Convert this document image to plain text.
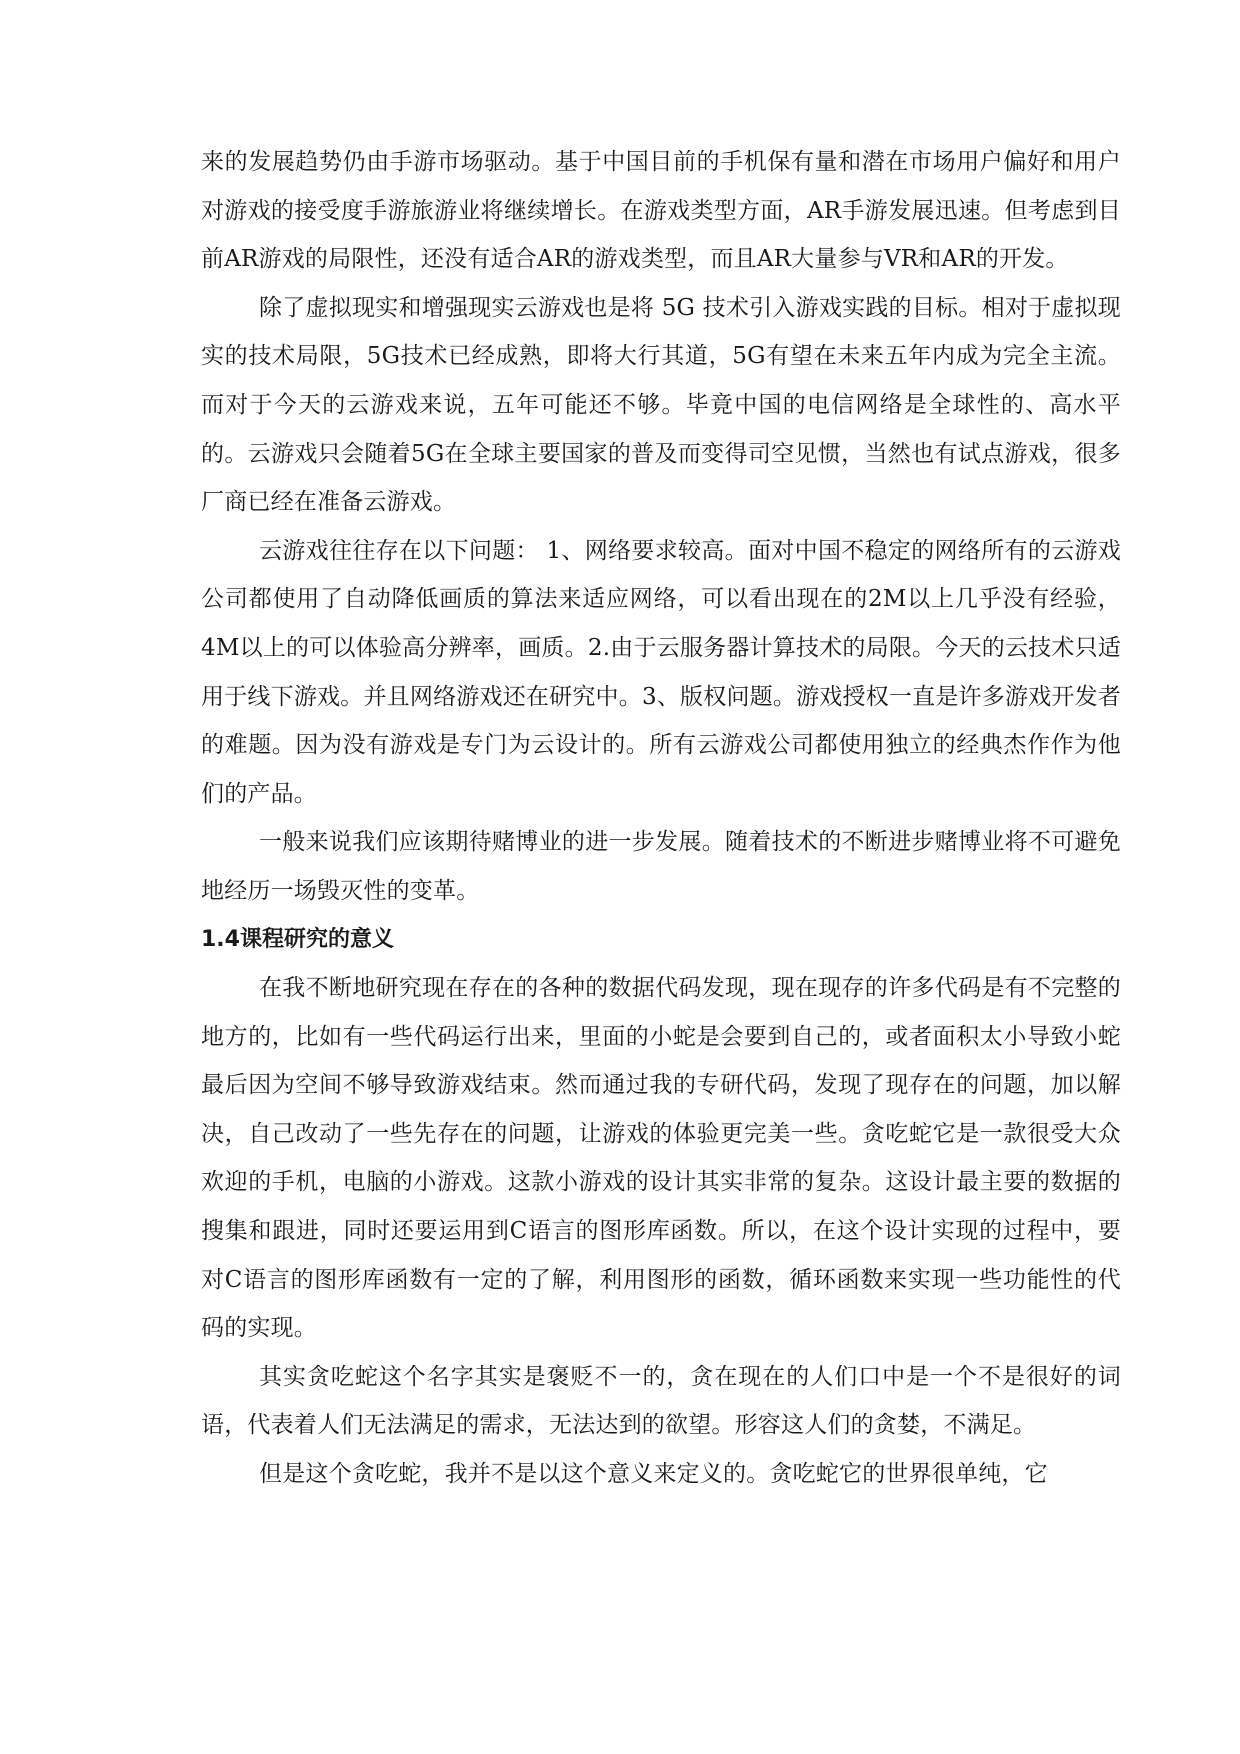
来的发展趋势仍由手游市场驱动。基于中国目前的手机保有量和潜在市场用户偏好和用户对游戏的接受度手游旅游业将继续增长。在游戏类型方面，AR手游发展迅速。但考虑到目前AR游戏的局限性，还没有适合AR的游戏类型，而且AR大量参与VR和AR的开发。

除了虚拟现实和增强现实云游戏也是将 5G 技术引入游戏实践的目标。相对于虚拟现实的技术局限，5G技术已经成熟，即将大行其道，5G有望在未来五年内成为完全主流。而对于今天的云游戏来说，五年可能还不够。毕竟中国的电信网络是全球性的、高水平的。云游戏只会随着5G在全球主要国家的普及而变得司空见惯，当然也有试点游戏，很多厂商已经在准备云游戏。

云游戏往往存在以下问题： 1、网络要求较高。面对中国不稳定的网络所有的云游戏公司都使用了自动降低画质的算法来适应网络，可以看出现在的2M以上几乎没有经验，4M以上的可以体验高分辨率，画质。2.由于云服务器计算技术的局限。今天的云技术只适用于线下游戏。并且网络游戏还在研究中。3、版权问题。游戏授权一直是许多游戏开发者的难题。因为没有游戏是专门为云设计的。所有云游戏公司都使用独立的经典杰作作为他们的产品。

一般来说我们应该期待赌博业的进一步发展。随着技术的不断进步赌博业将不可避免地经历一场毁灭性的变革。

1.4课程研究的意义

在我不断地研究现在存在的各种的数据代码发现，现在现存的许多代码是有不完整的地方的，比如有一些代码运行出来，里面的小蛇是会要到自己的，或者面积太小导致小蛇最后因为空间不够导致游戏结束。然而通过我的专研代码，发现了现存在的问题，加以解决，自己改动了一些先存在的问题，让游戏的体验更完美一些。贪吃蛇它是一款很受大众欢迎的手机，电脑的小游戏。这款小游戏的设计其实非常的复杂。这设计最主要的数据的搜集和跟进，同时还要运用到C语言的图形库函数。所以，在这个设计实现的过程中，要对C语言的图形库函数有一定的了解，利用图形的函数，循环函数来实现一些功能性的代码的实现。

其实贪吃蛇这个名字其实是褒贬不一的，贪在现在的人们口中是一个不是很好的词语，代表着人们无法满足的需求，无法达到的欲望。形容这人们的贪婪，不满足。

但是这个贪吃蛇，我并不是以这个意义来定义的。贪吃蛇它的世界很单纯，它
